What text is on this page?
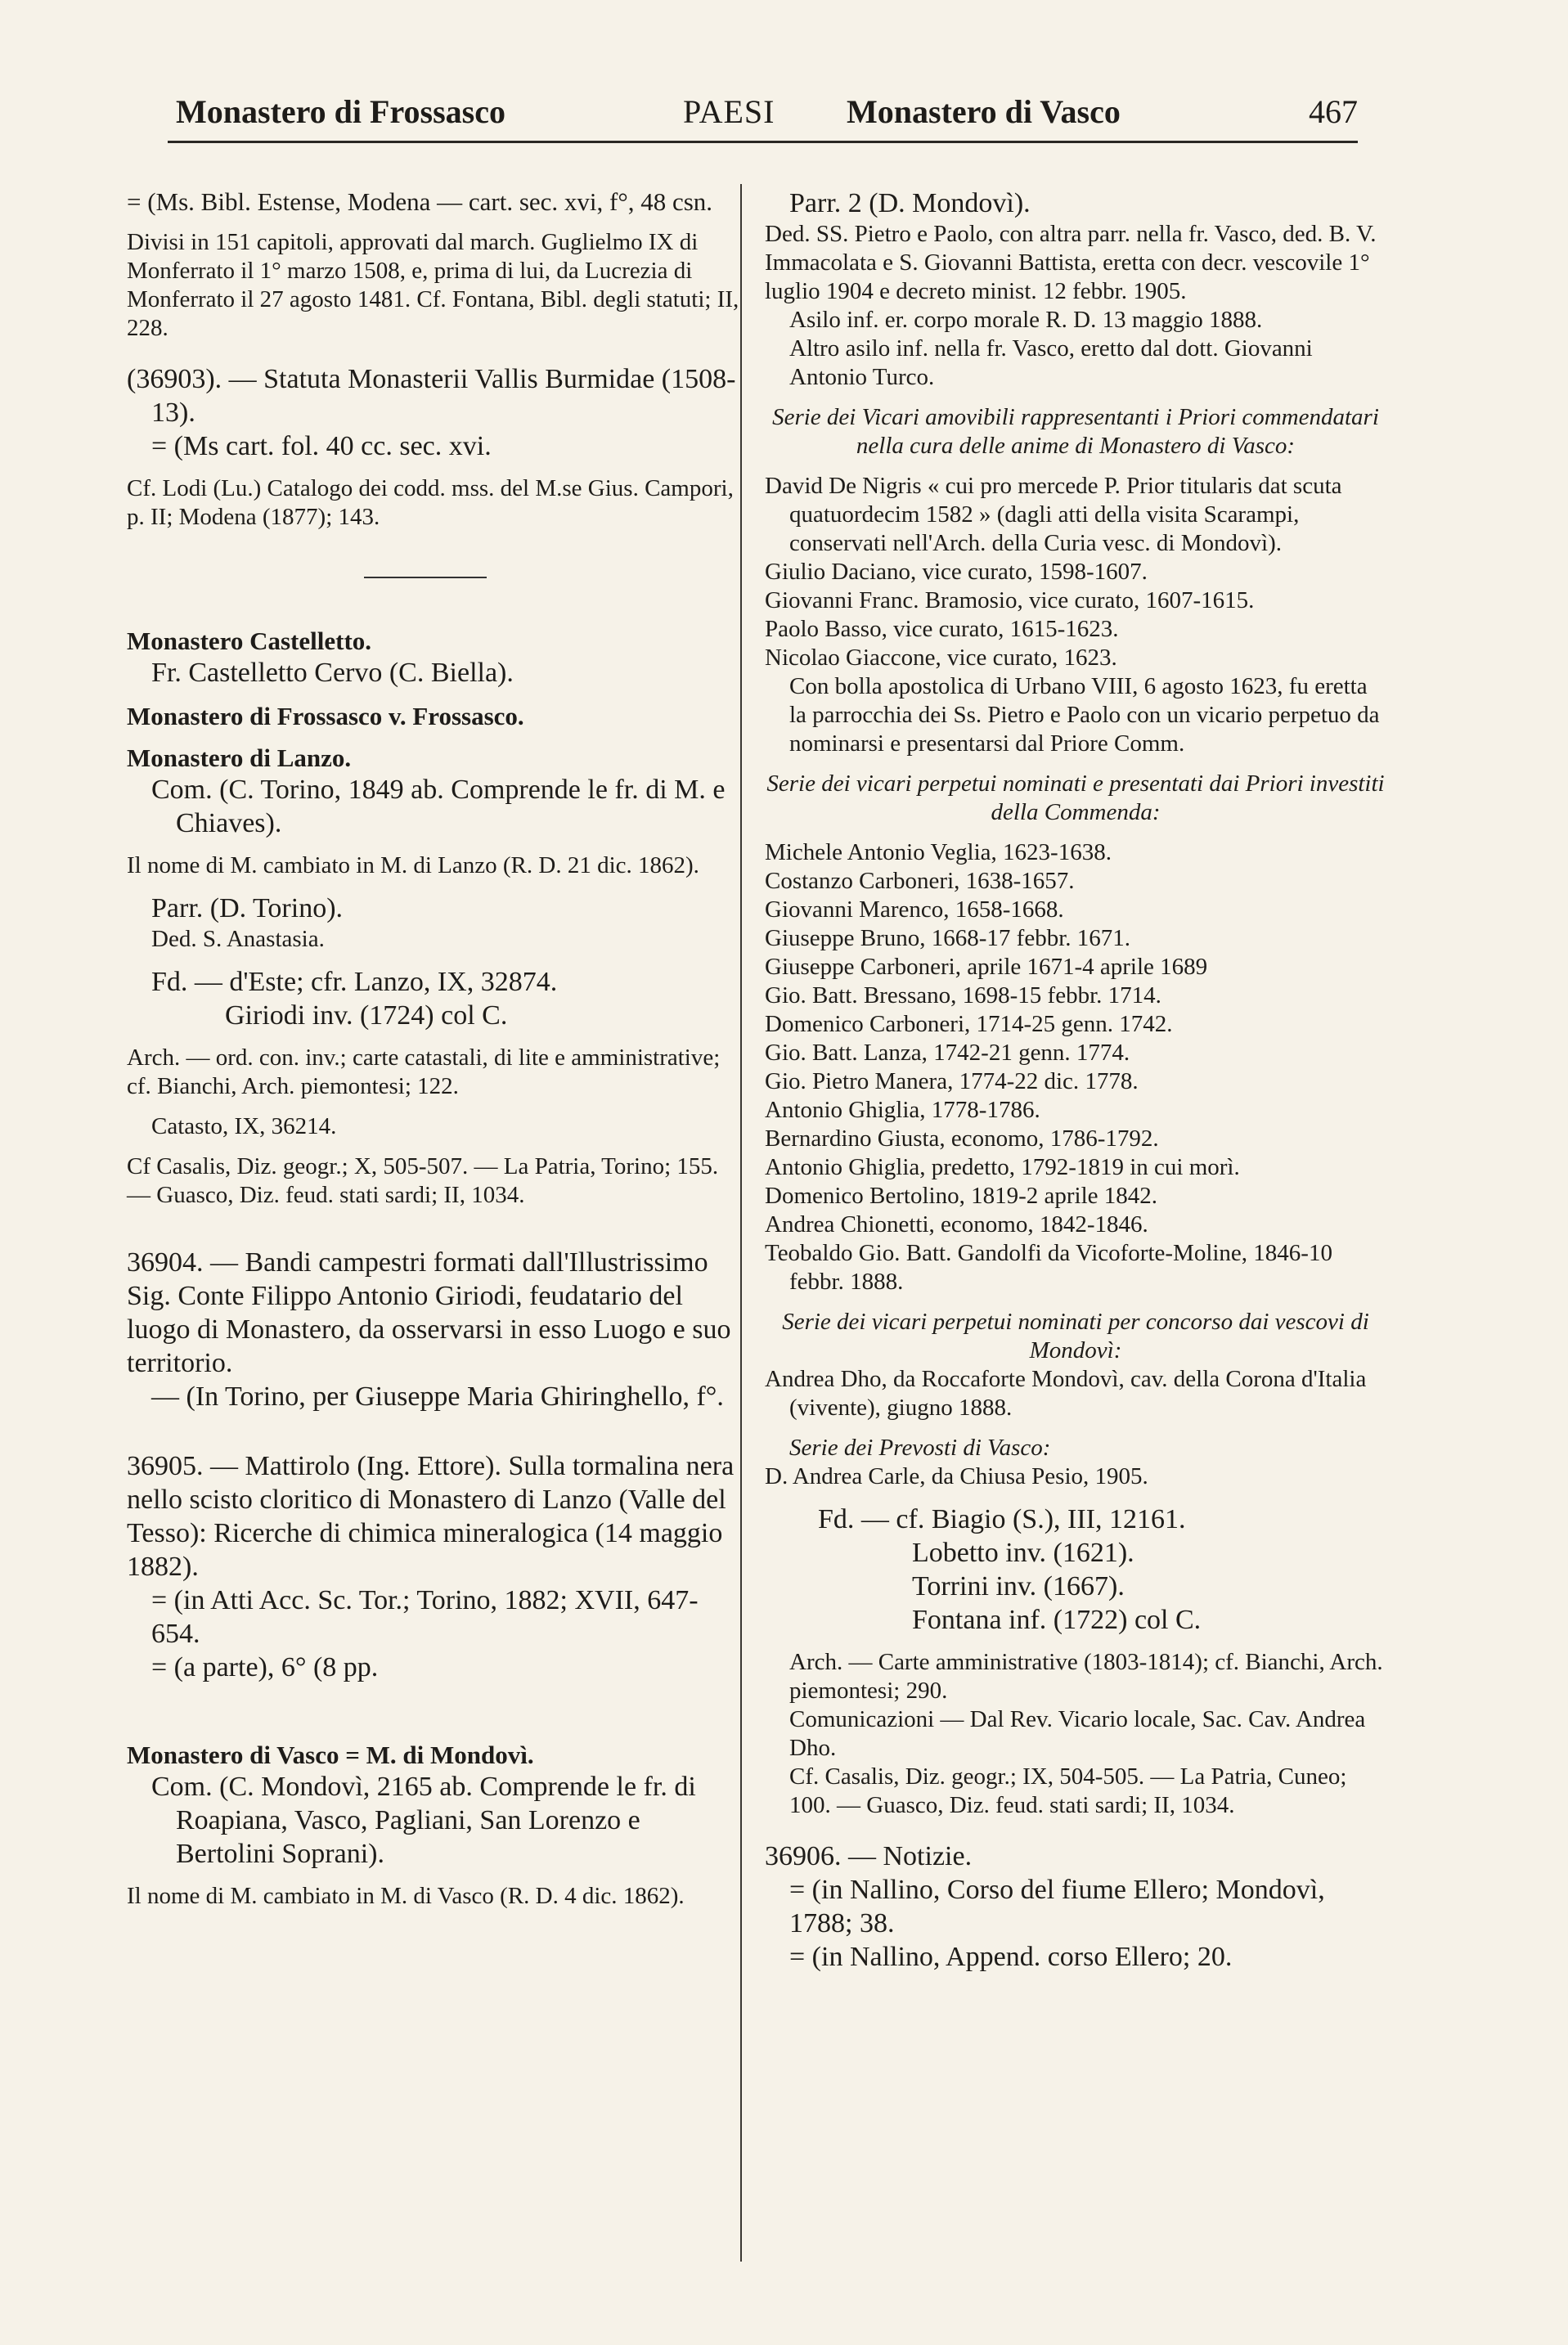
Monastero di Frossasco	PAESI Monastero di Vasco	467

= (Ms. Bibl. Estense, Modena — cart. sec. xvi, f°, 48 csn.

Divisi in 151 capitoli, approvati dal march. Guglielmo IX di Monferrato il 1° marzo 1508, e, prima di lui, da Lucrezia di Monferrato il 27 agosto 1481. Cf. Fontana, Bibl. degli statuti; II, 228.

(36903). — Statuta Monasterii Vallis Burmidae (1508-13).

= (Ms cart. fol. 40 cc. sec. xvi.

Cf. Lodi (Lu.) Catalogo dei codd. mss. del M.se Gius. Campori, p. II; Modena (1877); 143.

Monastero Castelletto.

Fr. Castelletto Cervo (C. Biella).

Monastero di Frossasco v. Frossasco.

Monastero di Lanzo.

Com. (C. Torino, 1849 ab. Comprende le fr. di M. e Chiaves).

Il nome di M. cambiato in M. di Lanzo (R. D. 21 dic. 1862).

Parr. (D. Torino).

Ded. S. Anastasia.

Fd. — d'Este; cfr. Lanzo, IX, 32874.

Giriodi inv. (1724) col C.

Arch. — ord. con. inv.; carte catastali, di lite e amministrative; cf. Bianchi, Arch. piemontesi; 122.

Catasto, IX, 36214.

Cf Casalis, Diz. geogr.; X, 505-507. — La Patria, Torino; 155. — Guasco, Diz. feud. stati sardi; II, 1034.

36904. — Bandi campestri formati dall'Illustrissimo Sig. Conte Filippo Antonio Giriodi, feudatario del luogo di Monastero, da osservarsi in esso Luogo e suo territorio.

— (In Torino, per Giuseppe Maria Ghiringhello, f°.

36905. — Mattirolo (Ing. Ettore). Sulla tormalina nera nello scisto cloritico di Monastero di Lanzo (Valle del Tesso): Ricerche di chimica mineralogica (14 maggio 1882).

= (in Atti Acc. Sc. Tor.; Torino, 1882; XVII, 647-654.

= (a parte), 6° (8 pp.

Monastero di Vasco = M. di Mondovì.

Com. (C. Mondovì, 2165 ab. Comprende le fr. di Roapiana, Vasco, Pagliani, San Lorenzo e Bertolini Soprani).

Il nome di M. cambiato in M. di Vasco (R. D. 4 dic. 1862).

Parr. 2 (D. Mondovì).

Ded. SS. Pietro e Paolo, con altra parr. nella fr. Vasco, ded. B. V. Immacolata e S. Giovanni Battista, eretta con decr. vescovile 1° luglio 1904 e decreto minist. 12 febbr. 1905.

Asilo inf. er. corpo morale R. D. 13 maggio 1888.

Altro asilo inf. nella fr. Vasco, eretto dal dott. Giovanni Antonio Turco.

Serie dei Vicari amovibili rappresentanti i Priori commendatari nella cura delle anime di Monastero di Vasco:

David De Nigris « cui pro mercede P. Prior titularis dat scuta quatuordecim 1582 » (dagli atti della visita Scarampi, conservati nell'Arch. della Curia vesc. di Mondovì).

Giulio Daciano, vice curato, 1598-1607.

Giovanni Franc. Bramosio, vice curato, 1607-1615.

Paolo Basso, vice curato, 1615-1623.

Nicolao Giaccone, vice curato, 1623.

Con bolla apostolica di Urbano VIII, 6 agosto 1623, fu eretta la parrocchia dei Ss. Pietro e Paolo con un vicario perpetuo da nominarsi e presentarsi dal Priore Comm.

Serie dei vicari perpetui nominati e presentati dai Priori investiti della Commenda:

Michele Antonio Veglia, 1623-1638.

Costanzo Carboneri, 1638-1657.

Giovanni Marenco, 1658-1668.

Giuseppe Bruno, 1668-17 febbr. 1671.

Giuseppe Carboneri, aprile 1671-4 aprile 1689

Gio. Batt. Bressano, 1698-15 febbr. 1714.

Domenico Carboneri, 1714-25 genn. 1742.

Gio. Batt. Lanza, 1742-21 genn. 1774.

Gio. Pietro Manera, 1774-22 dic. 1778.

Antonio Ghiglia, 1778-1786.

Bernardino Giusta, economo, 1786-1792.

Antonio Ghiglia, predetto, 1792-1819 in cui morì.

Domenico Bertolino, 1819-2 aprile 1842.

Andrea Chionetti, economo, 1842-1846.

Teobaldo Gio. Batt. Gandolfi da Vicoforte-Moline, 1846-10 febbr. 1888.

Serie dei vicari perpetui nominati per concorso dai vescovi di Mondovì:

Andrea Dho, da Roccaforte Mondovì, cav. della Corona d'Italia (vivente), giugno 1888.

Serie dei Prevosti di Vasco:

D. Andrea Carle, da Chiusa Pesio, 1905.

Fd. — cf. Biagio (S.), III, 12161.

Lobetto inv. (1621).

Torrini inv. (1667).

Fontana inf. (1722) col C.

Arch. — Carte amministrative (1803-1814); cf. Bianchi, Arch. piemontesi; 290.

Comunicazioni — Dal Rev. Vicario locale, Sac. Cav. Andrea Dho.

Cf. Casalis, Diz. geogr.; IX, 504-505. — La Patria, Cuneo; 100. — Guasco, Diz. feud. stati sardi; II, 1034.

36906. — Notizie.

= (in Nallino, Corso del fiume Ellero; Mondovì, 1788; 38.

= (in Nallino, Append. corso Ellero; 20.
